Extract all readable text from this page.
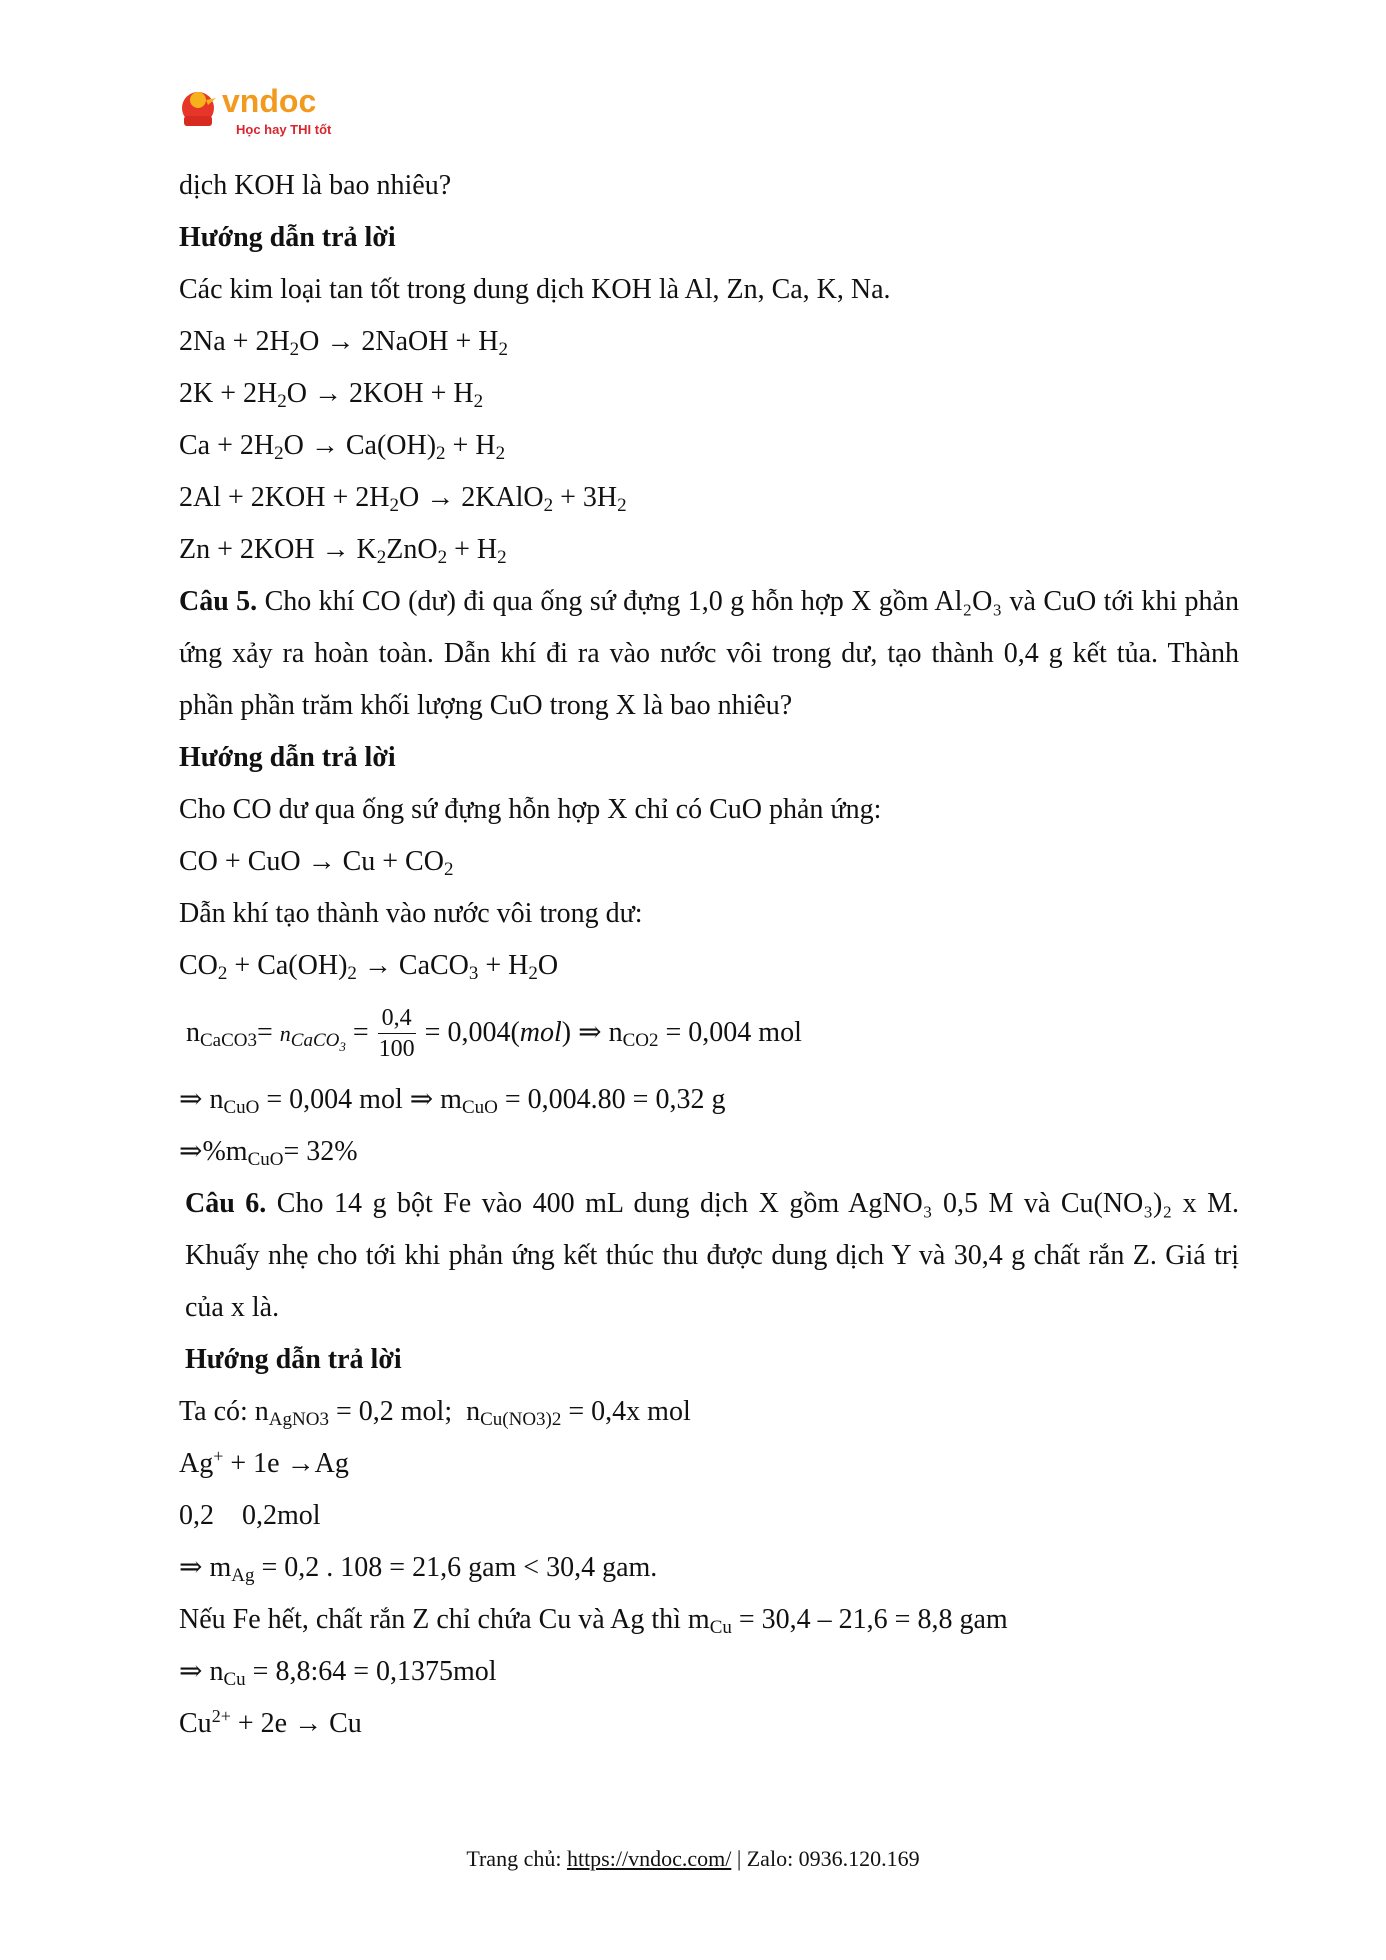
vndoc
Học hay THI tốt
dịch KOH là bao nhiêu?
Hướng dẫn trả lời
Các kim loại tan tốt trong dung dịch KOH là Al, Zn, Ca, K, Na.
$2Na + 2H_2O$ → 2NaOH + $H_2$
$2K + 2H_2O \to 2KOH + H_2$
$Ca + 2H_2O \to Ca(OH)_2 + H_2$
$2Al + 2KOH + 2H_2O$ → 2KAlO$_2$ + $3H_2$
$Zn + 2KOH \to K_2ZnO_2 + H_2$
Câu 5. Cho khí CO (dư) đi qua ống sứ đựng 1,0 g hỗn hợp X gồm Al₂O₃ và CuO tới khi phản ứng xảy ra hoàn toàn. Dẫn khí đi ra vào nước vôi trong dư, tạo thành 0,4 g kết tủa. Thành phần phần trăm khối lượng CuO trong X là bao nhiêu?
Hướng dẫn trả lời
Cho CO dư qua ống sứ đựng hỗn hợp X chỉ có CuO phản ứng:
CO + CuO → $Cu + CO_2$
Dẫn khí tạo thành vào nước vôi trong dư:
$CO_2 + Ca(OH)_2$ → CaCO$_3$ + $H_2O$
$n_{CaCO3}= n_{CaCO_3} = \frac{0,4}{100} = 0,004(mol)$ ⇒ $n_{CO2} = 0,004$ mol
⇒ $n_{CuO} = 0,004$ mol ⇒ $m_{CuO} = 0,004.80 = 0,32$ g
$\Rightarrow\%m_{CuO}= 32\%$
Câu 6. Cho 14 g bột Fe vào 400 mL dung dịch X gồm AgNO₃ 0,5 M và Cu(NO₃)₂ x M. Khuấy nhẹ cho tới khi phản ứng kết thúc thu được dung dịch Y và 30,4 g chất rắn Z. Giá trị của x là.
Hướng dẫn trả lời
Ta có: $n_{AgNO3} = 0,2$ mol;  $n_{Cu(NO3)2} = 0,4x$ mol
Ag+ + 1e →Ag
0,2    0,2mol
⇒ $m_{Ag} = 0,2$ . 108 = 21,6 gam < 30,4 gam.
Nếu Fe hết, chất rắn Z chỉ chứa Cu và Ag thì $m_{Cu} = 30,4 - 21,6 = 8,8$ gam
⇒ $n_{Cu}$ = 8,8:64 = 0,1375mol
$Cu^{2+} + 2e \to Cu$
Trang chủ: https://vndoc.com/ | Zalo: 0936.120.169
